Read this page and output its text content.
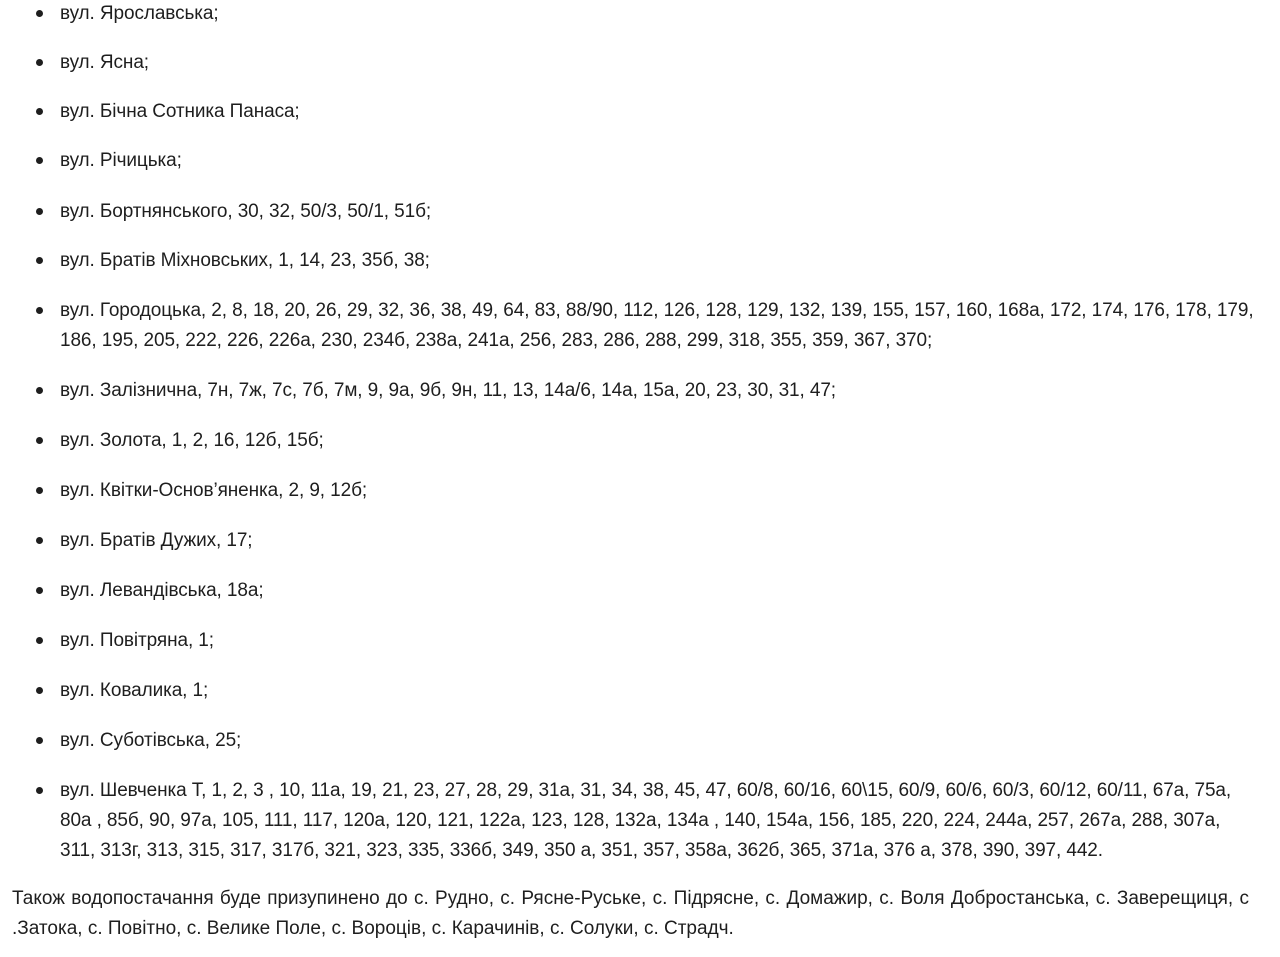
вул. Ярославська;
вул. Ясна;
вул. Бічна Сотника Панаса;
вул. Річицька;
вул. Бортнянського, 30, 32, 50/3, 50/1, 51б;
вул. Братів Міхновських, 1, 14, 23, 35б, 38;
вул. Городоцька, 2, 8, 18, 20, 26, 29, 32, 36, 38, 49, 64, 83, 88/90, 112, 126, 128, 129, 132, 139, 155, 157, 160, 168а, 172, 174, 176, 178, 179, 186, 195, 205, 222, 226, 226а, 230, 234б, 238а, 241а, 256, 283, 286, 288, 299, 318, 355, 359, 367, 370;
вул. Залізнична, 7н, 7ж, 7с, 7б, 7м, 9, 9а, 9б, 9н, 11, 13, 14а/6, 14а, 15а, 20, 23, 30, 31, 47;
вул. Золота, 1, 2, 16, 12б, 15б;
вул. Квітки-Основ’яненка, 2, 9, 12б;
вул. Братів Дужих, 17;
вул. Левандівська, 18а;
вул. Повітряна, 1;
вул. Ковалика, 1;
вул. Суботівська, 25;
вул. Шевченка Т, 1, 2, 3 , 10, 11а, 19, 21, 23, 27, 28, 29, 31а, 31, 34, 38, 45, 47, 60/8, 60/16, 60\15, 60/9, 60/6, 60/3, 60/12, 60/11, 67а, 75а, 80а , 85б, 90, 97а, 105, 111, 117, 120а, 120, 121, 122а, 123, 128, 132а, 134а , 140, 154а, 156, 185, 220, 224, 244а, 257, 267а, 288, 307а, 311, 313г, 313, 315, 317, 317б, 321, 323, 335, 336б, 349, 350 а, 351, 357, 358а, 362б, 365, 371а, 376 а, 378, 390, 397, 442.

Також водопостачання буде призупинено до с. Рудно, с. Рясне-Руське, с. Підрясне, с. Домажир, с. Воля Добростанська, с. Заверещиця, с .Затока, с. Повітно, с. Велике Поле, с. Вороців, с. Карачинів, с. Солуки, с. Страдч.
